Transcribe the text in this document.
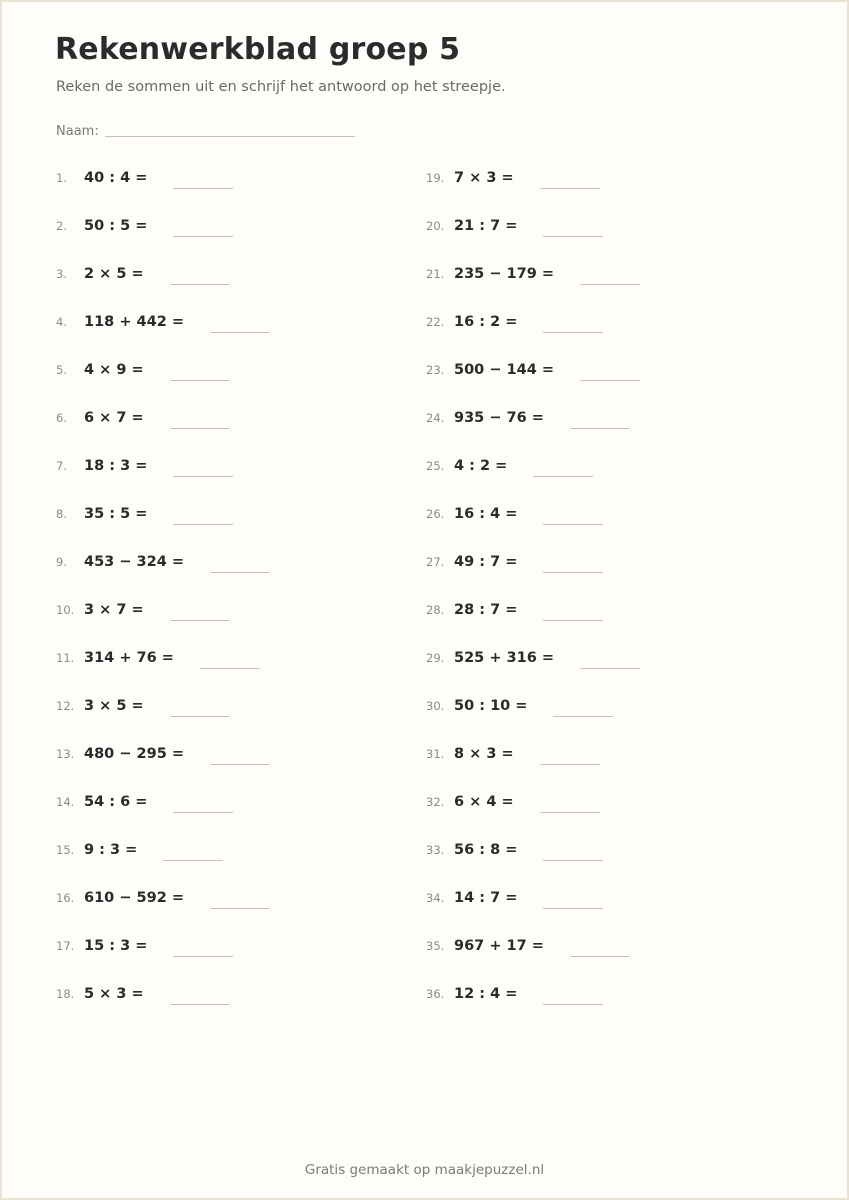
Rekenwerkblad groep 5

Reken de sommen uit en schrijf het antwoord op het streepje.

Naam:
1.	40 : 4 =
2.	50 : 5 =
3.	2 × 5 =
4.	118 + 442 =
5.	4 × 9 =
6.	6 × 7 =
7.	18 : 3 =
8.	35 : 5 =
9.	453 − 324 =
10. 3 × 7 =
11. 314 + 76 =
12. 3 × 5 =
13. 480 − 295 =
14. 54 : 6 =
15. 9 : 3 =
16. 610 − 592 =
17. 15 : 3 =
18. 5 × 3 =
19. 7 × 3 =
20. 21 : 7 =
21. 235 − 179 =
22. 16 : 2 =
23. 500 − 144 =
24. 935 − 76 =
25. 4 : 2 =
26. 16 : 4 =
27. 49 : 7 =
28. 28 : 7 =
29. 525 + 316 =
30. 50 : 10 =
31. 8 × 3 =
32. 6 × 4 =
33. 56 : 8 =
34. 14 : 7 =
35. 967 + 17 =
36. 12 : 4 =
Gratis gemaakt op maakjepuzzel.nl
